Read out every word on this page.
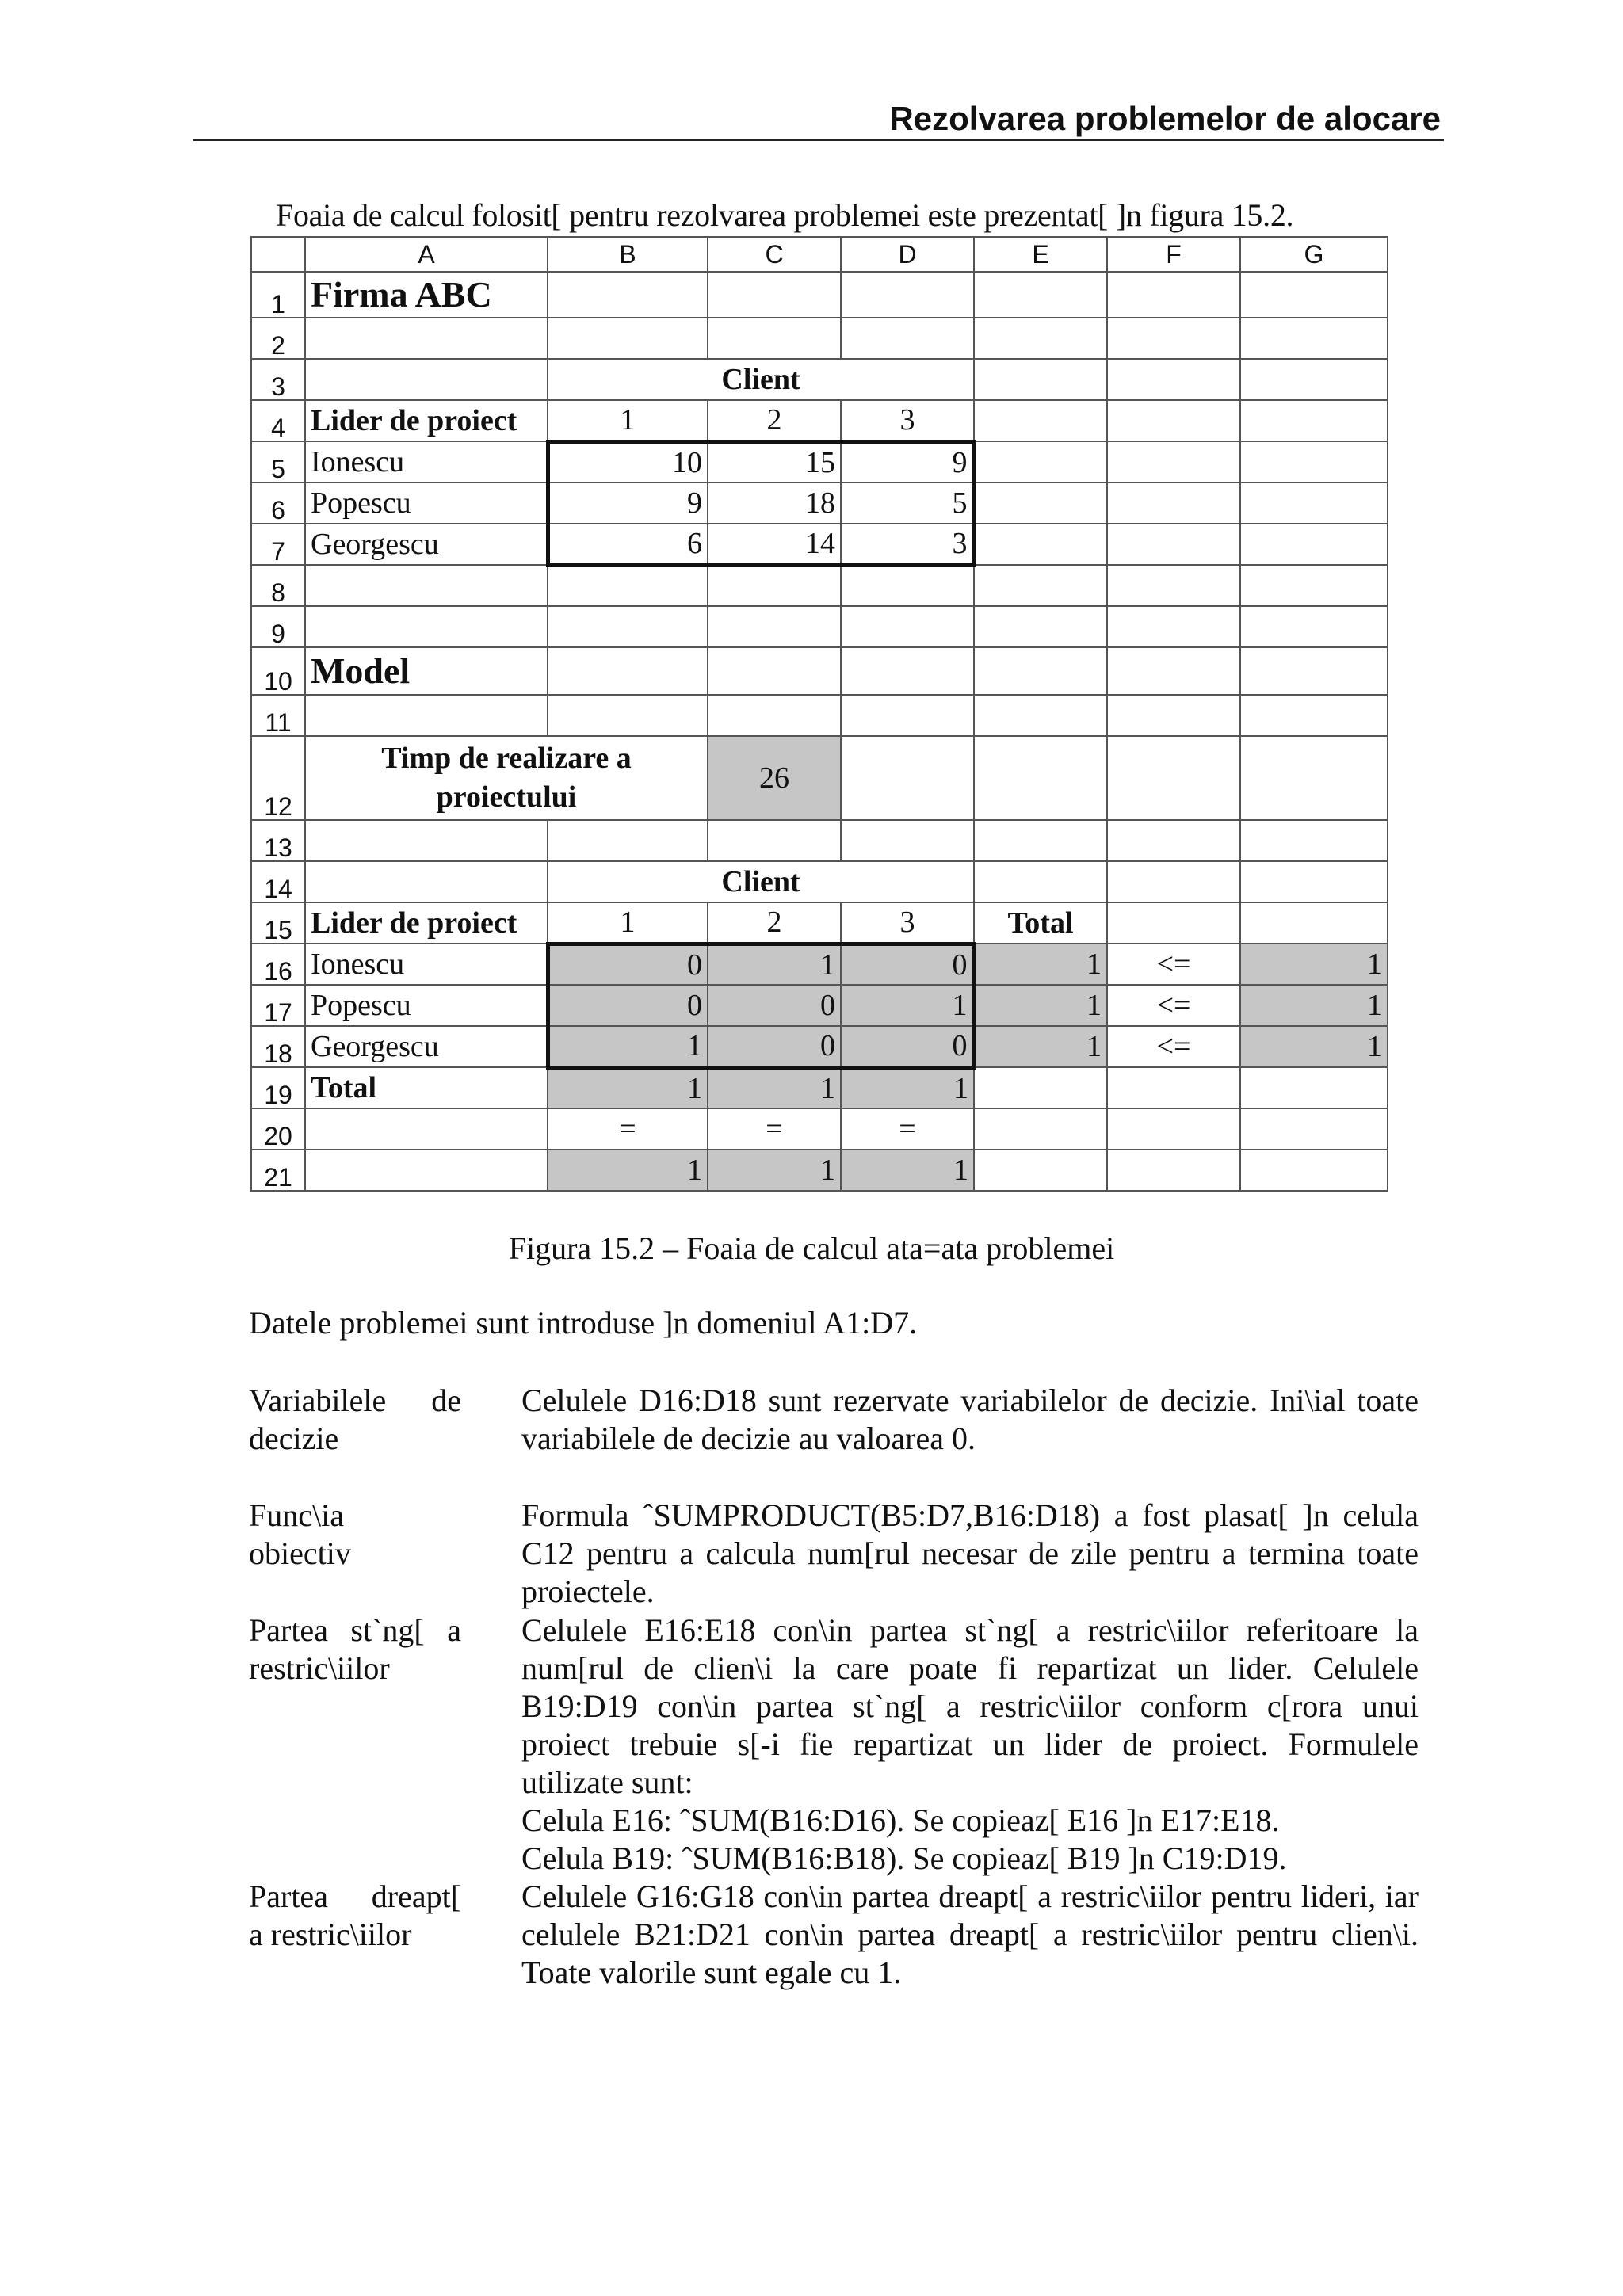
Rezolvarea problemelor de alocare
Foaia de calcul folosit[ pentru rezolvarea problemei este prezentat[ ]n figura 15.2.
	A	B	C	D	E	F	G
1	Firma ABC						
2							
3		Client					
4	Lider de proiect	1	2	3			
5	Ionescu	10	15	9			
6	Popescu	9	18	5			
7	Georgescu	6	14	3			
8							
9							
10	Model						
11							
12	Timp de realizare a proiectului		26				
13							
14		Client					
15	Lider de proiect	1	2	3	Total		
16	Ionescu	0	1	0	1	<=	1
17	Popescu	0	0	1	1	<=	1
18	Georgescu	1	0	0	1	<=	1
19	Total	1	1	1			
20		=	=	=			
21		1	1	1			
Figura 15.2 – Foaia de calcul ata=ata problemei
Datele problemei sunt introduse ]n domeniul A1:D7.
Variabilele de
decizie
Celulele D16:D18 sunt rezervate variabilelor de decizie. Ini\ial toate variabilele de decizie au valoarea 0.
Func\ia
obiectiv
Formula ˆSUMPRODUCT(B5:D7,B16:D18) a fost plasat[ ]n celula C12 pentru a calcula num[rul necesar de zile pentru a termina toate proiectele.
Partea st`ng[ a
restric\iilor
Celulele E16:E18 con\in partea st`ng[ a restric\iilor referitoare la num[rul de clien\i la care poate fi repartizat un lider. Celulele B19:D19 con\in partea st`ng[ a restric\iilor conform c[rora unui proiect trebuie s[-i fie repartizat un lider de proiect. Formulele utilizate sunt:
Celula E16: ˆSUM(B16:D16). Se copieaz[ E16 ]n E17:E18.
Celula B19: ˆSUM(B16:B18). Se copieaz[ B19 ]n C19:D19.
Partea dreapt[
a restric\iilor
Celulele G16:G18 con\in partea dreapt[ a restric\iilor pentru lideri, iar celulele B21:D21 con\in partea dreapt[ a restric\iilor pentru clien\i. Toate valorile sunt egale cu 1.
